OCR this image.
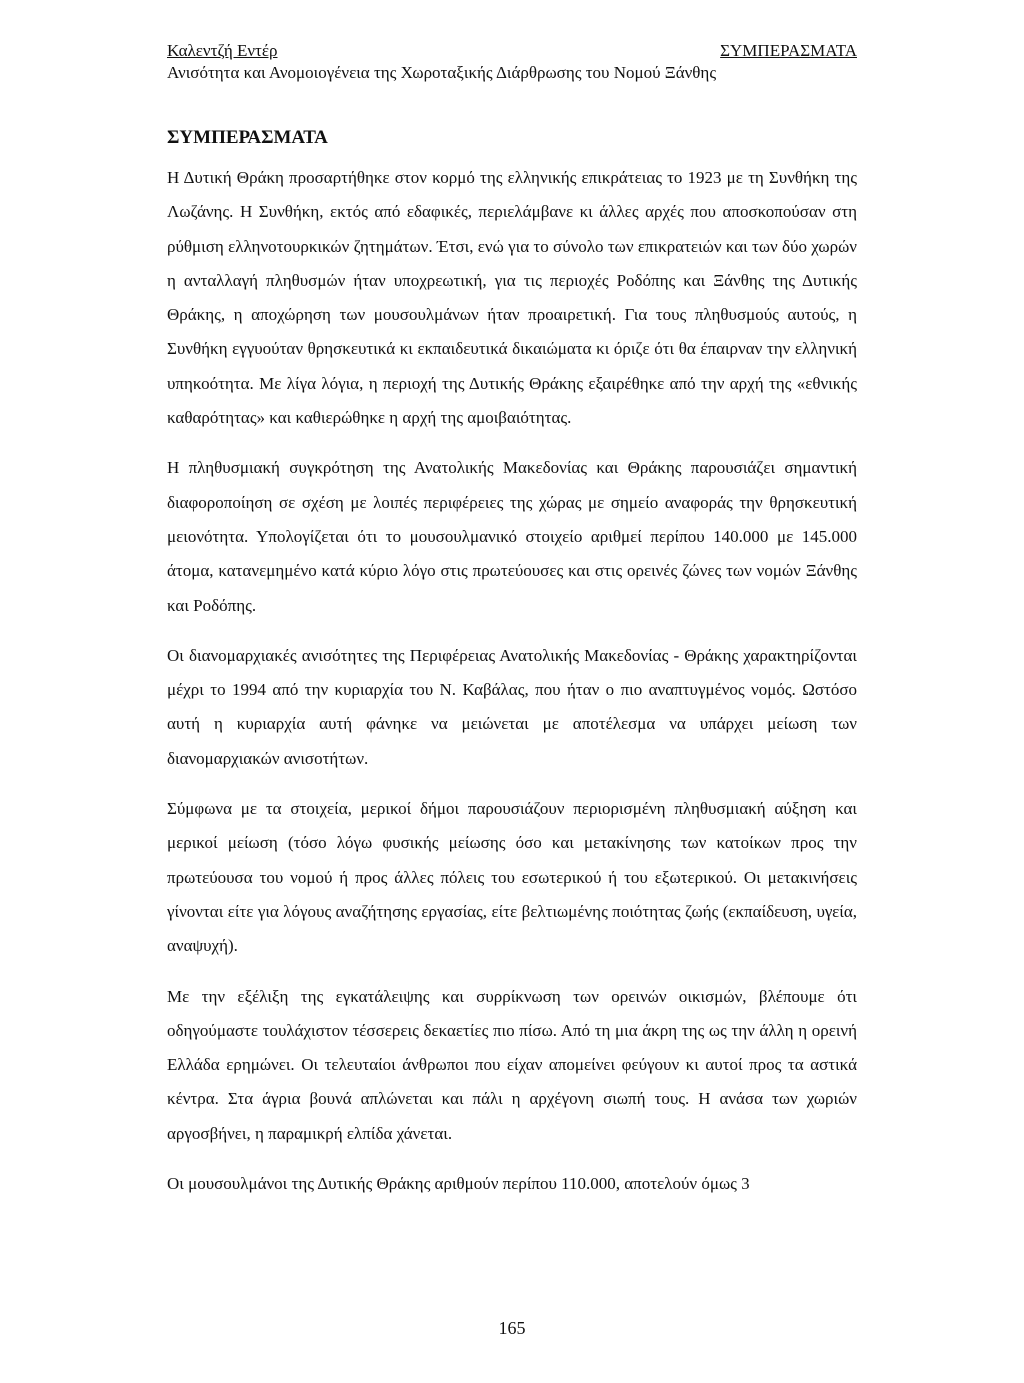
Καλεντζή Εντέρ	ΣΥΜΠΕΡΑΣΜΑΤΑ
Ανισότητα και Ανομοιογένεια της Χωροταξικής Διάρθρωσης του Νομού Ξάνθης
ΣΥΜΠΕΡΑΣΜΑΤΑ

Η Δυτική Θράκη προσαρτήθηκε στον κορμό της ελληνικής επικράτειας το 1923 με τη Συνθήκη της Λωζάνης. Η Συνθήκη, εκτός από εδαφικές, περιελάμβανε κι άλλες αρχές που αποσκοπούσαν στη ρύθμιση ελληνοτουρκικών ζητημάτων. Έτσι, ενώ για το σύνολο των επικρατειών και των δύο χωρών η ανταλλαγή πληθυσμών ήταν υποχρεωτική, για τις περιοχές Ροδόπης και Ξάνθης της Δυτικής Θράκης, η αποχώρηση των μουσουλμάνων ήταν προαιρετική. Για τους πληθυσμούς αυτούς, η Συνθήκη εγγυούταν θρησκευτικά κι εκπαιδευτικά δικαιώματα κι όριζε ότι θα έπαιρναν την ελληνική υπηκοότητα. Με λίγα λόγια, η περιοχή της Δυτικής Θράκης εξαιρέθηκε από την αρχή της «εθνικής καθαρότητας» και καθιερώθηκε η αρχή της αμοιβαιότητας.

Η πληθυσμιακή συγκρότηση της Ανατολικής Μακεδονίας και Θράκης παρουσιάζει σημαντική διαφοροποίηση σε σχέση με λοιπές περιφέρειες της χώρας με σημείο αναφοράς την θρησκευτική μειονότητα. Υπολογίζεται ότι το μουσουλμανικό στοιχείο αριθμεί περίπου 140.000 με 145.000 άτομα, κατανεμημένο κατά κύριο λόγο στις πρωτεύουσες και στις ορεινές ζώνες των νομών Ξάνθης και Ροδόπης.

Οι διανομαρχιακές ανισότητες της Περιφέρειας Ανατολικής Μακεδονίας - Θράκης χαρακτηρίζονται μέχρι το 1994 από την κυριαρχία του Ν. Καβάλας, που ήταν ο πιο αναπτυγμένος νομός. Ωστόσο αυτή η κυριαρχία αυτή φάνηκε να μειώνεται με αποτέλεσμα να υπάρχει μείωση των διανομαρχιακών ανισοτήτων.

Σύμφωνα με τα στοιχεία, μερικοί δήμοι παρουσιάζουν περιορισμένη πληθυσμιακή αύξηση και μερικοί μείωση (τόσο λόγω φυσικής μείωσης όσο και μετακίνησης των κατοίκων προς την πρωτεύουσα του νομού ή προς άλλες πόλεις του εσωτερικού ή του εξωτερικού. Οι μετακινήσεις γίνονται είτε για λόγους αναζήτησης εργασίας, είτε βελτιωμένης ποιότητας ζωής (εκπαίδευση, υγεία, αναψυχή).

Με την εξέλιξη της εγκατάλειψης και συρρίκνωση των ορεινών οικισμών, βλέπουμε ότι οδηγούμαστε τουλάχιστον τέσσερεις δεκαετίες πιο πίσω. Από τη μια άκρη της ως την άλλη η ορεινή Ελλάδα ερημώνει. Οι τελευταίοι άνθρωποι που είχαν απομείνει φεύγουν κι αυτοί προς τα αστικά κέντρα. Στα άγρια βουνά απλώνεται και πάλι η αρχέγονη σιωπή τους. Η ανάσα των χωριών αργοσβήνει, η παραμικρή ελπίδα χάνεται.

Οι μουσουλμάνοι της Δυτικής Θράκης αριθμούν περίπου 110.000, αποτελούν όμως 3

165
